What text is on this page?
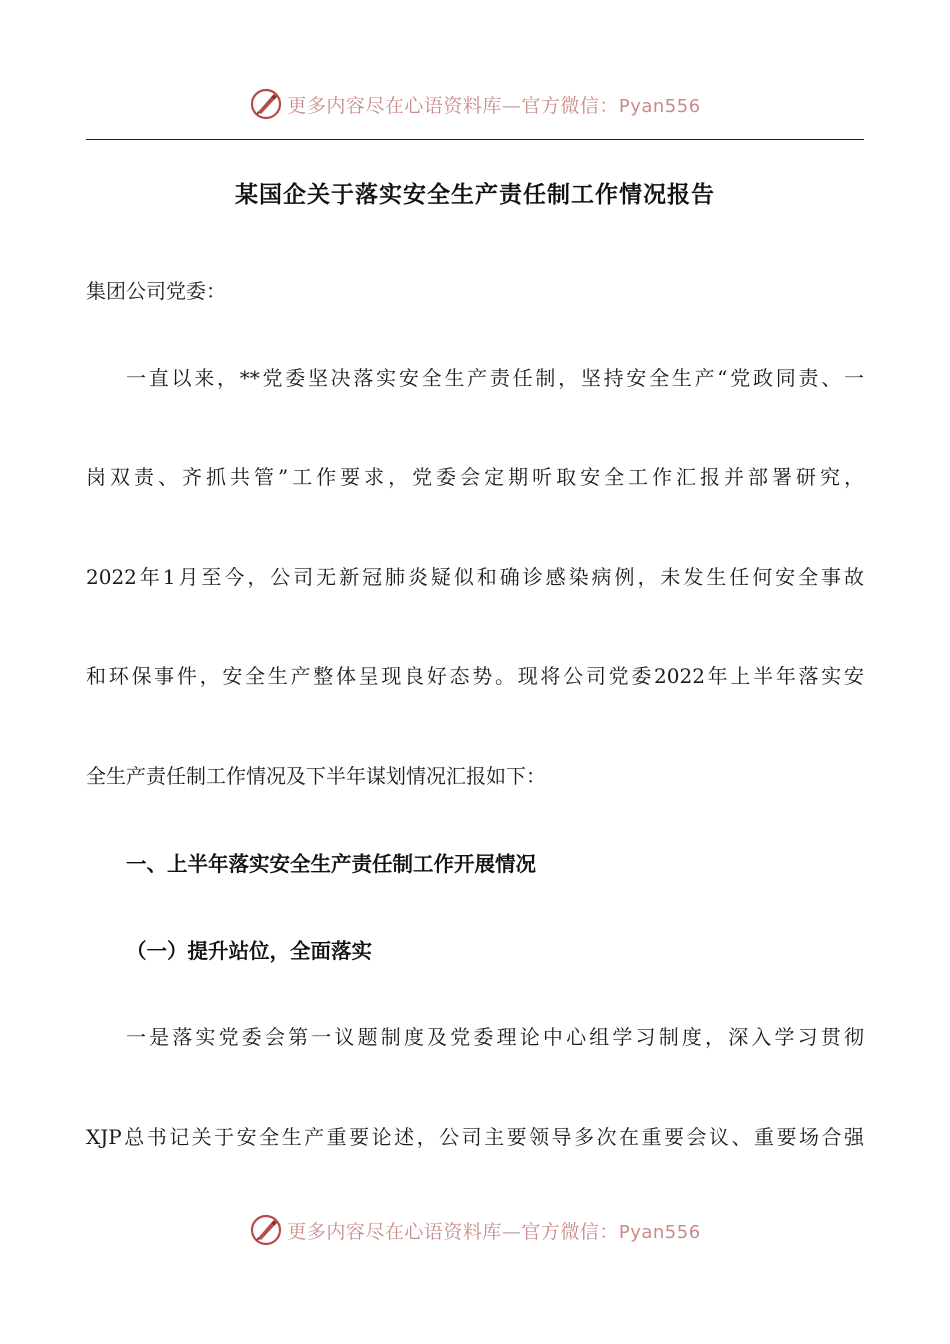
更多内容尽在心语资料库—官方微信：Pyan556
某国企关于落实安全生产责任制工作情况报告
集团公司党委：
一直以来，**党委坚决落实安全生产责任制，坚持安全生产“党政同责、一
岗双责、齐抓共管”工作要求，党委会定期听取安全工作汇报并部署研究，
2022年1月至今，公司无新冠肺炎疑似和确诊感染病例，未发生任何安全事故
和环保事件，安全生产整体呈现良好态势。现将公司党委2022年上半年落实安
全生产责任制工作情况及下半年谋划情况汇报如下：
一、上半年落实安全生产责任制工作开展情况
（一）提升站位，全面落实
一是落实党委会第一议题制度及党委理论中心组学习制度，深入学习贯彻
XJP总书记关于安全生产重要论述，公司主要领导多次在重要会议、重要场合强
更多内容尽在心语资料库—官方微信：Pyan556
